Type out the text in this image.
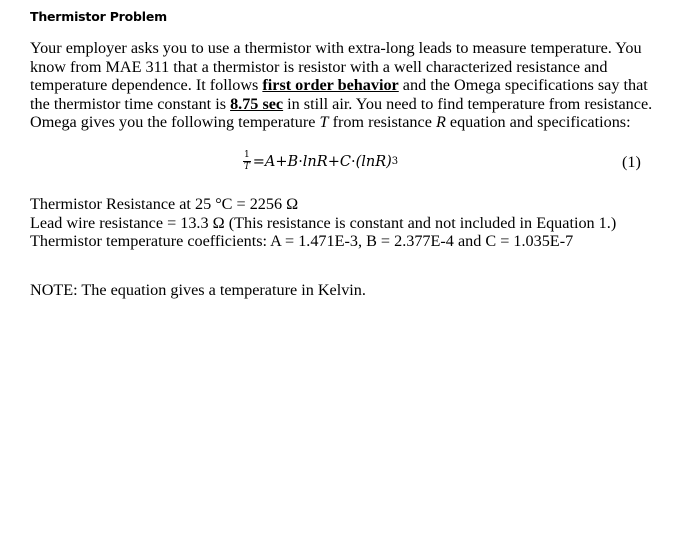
Thermistor Problem
Your employer asks you to use a thermistor with extra-long leads to measure temperature. You
know from MAE 311 that a thermistor is resistor with a well characterized resistance and
temperature dependence. It follows first order behavior and the Omega specifications say that
the thermistor time constant is 8.75 sec in still air. You need to find temperature from resistance.
Omega gives you the following temperature T from resistance R equation and specifications:
$\frac{1}{T} = A + B \cdot \ln R + C \cdot (\ln R)$ 3	(1)
Thermistor Resistance at 25 °C = 2256 Ω
Lead wire resistance = 13.3 Ω (This resistance is constant and not included in Equation 1.)
Thermistor temperature coefficients: A = 1.471E-3, B = 2.377E-4 and C = 1.035E-7
NOTE: The equation gives a temperature in Kelvin.
